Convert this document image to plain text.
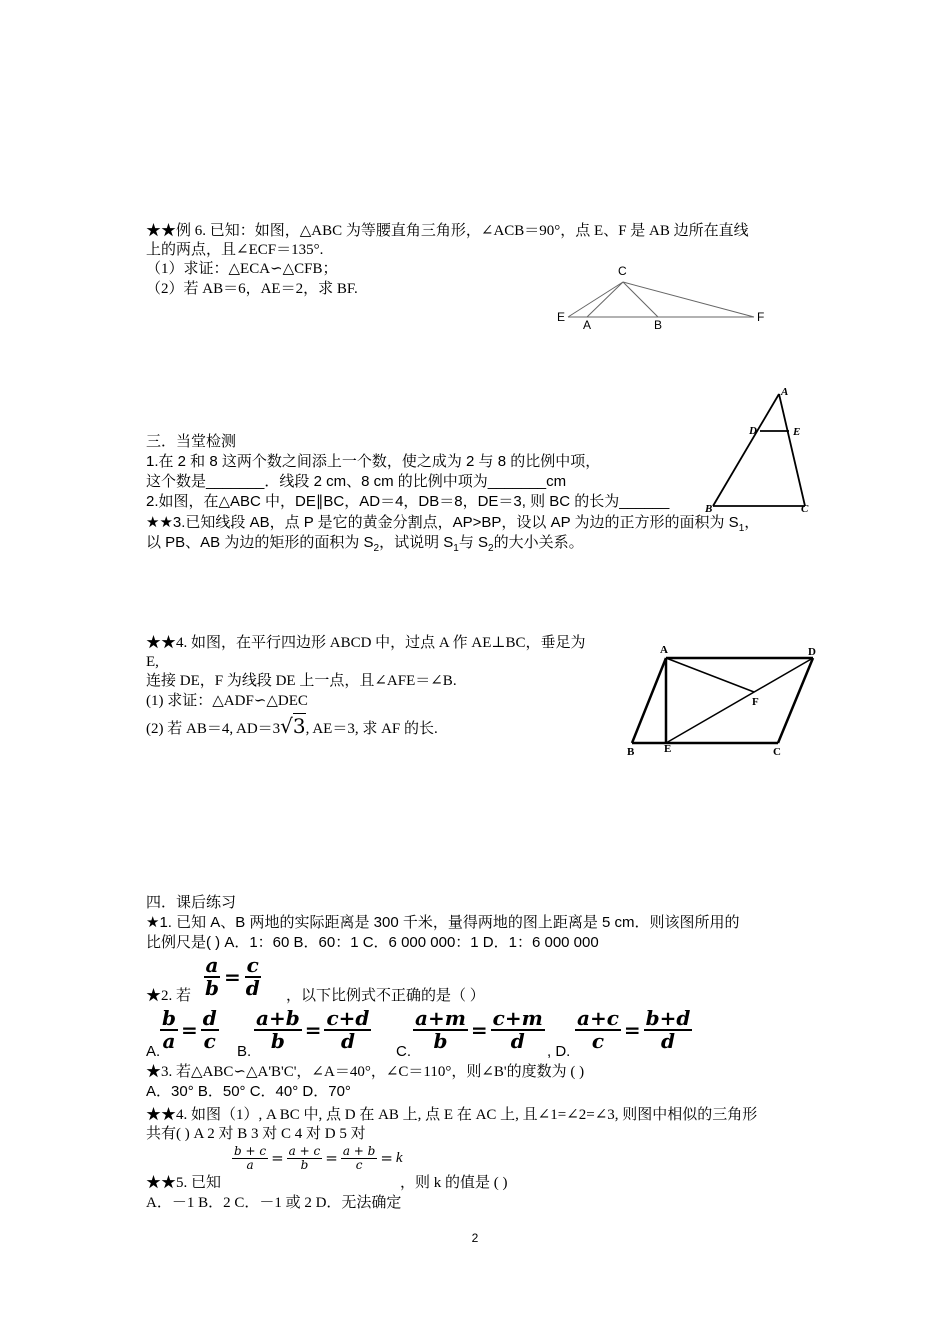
★★例 6. 已知：如图，△ABC 为等腰直角三角形，∠ACB＝90°，点 E、F 是 AB 边所在直线
上的两点，且∠ECF＝135°.
（1）求证：△ECA∽△CFB；
（2）若 AB＝6，AE＝2，求 BF.
C
E
A	B
F
三．当堂检测
1.在 2 和 8 这两个数之间添上一个数，使之成为 2 与 8 的比例中项，
这个数是_______．线段 2 cm、8 cm 的比例中项为_______cm
2.如图，在△ABC 中，DE∥BC，AD＝4，DB＝8，DE＝3, 则 BC 的长为______
★★3.已知线段 AB，点 P 是它的黄金分割点，AP>BP，设以 AP 为边的正方形的面积为 $S_1$，
以 PB、AB 为边的矩形的面积为 $S_2$，试说明 $S_1$与 $S_2$的大小关系。
A
D	E
B	C
★★4. 如图，在平行四边形 ABCD 中，过点 A 作 AE⊥BC，垂足为
E,
连接 DE，F 为线段 DE 上一点，且∠AFE＝∠B.
(1) 求证：△ADF∽△DEC
(2) 若 AB＝4, AD＝3√3, AE＝3, 求 AF 的长.
A	D
F
B	E	C
四．课后练习
★1. 已知 A、B 两地的实际距离是 300 千米，量得两地的图上距离是 5 cm．则该图所用的
比例尺是( ) A．1：60 B．60：1 C．6 000 000：1 D．1：6 000 000
★2. 若 $\frac{a}{b} = \frac{c}{d}$ ，以下比例式不正确的是（ ）
A. $\frac{b}{a} = \frac{d}{c} B$. $\frac{a+b}{b} = \frac{c+d}{d} C$. $\frac{a+m}{b} = \frac{c+m}{d}$ , D. $\frac{a+c}{c} = \frac{b+d}{d}$
★3. 若△ABC∽△A'B'C'，∠A＝40°，∠C＝110°，则∠B'的度数为 ( )
A．30° B．50° C．40° D．70°
★★4. 如图（1）, A BC 中, 点 D 在 AB 上, 点 E 在 AC 上, 且∠1=∠2=∠3, 则图中相似的三角形
共有( ) A 2 对 B 3 对 C 4 对 D 5 对
★★5. 已知
$\frac{b + c}{a} = \frac{a + c}{b} = \frac{a + b}{c} = k$
，则 k 的值是 ( )
A．－1 B．2 C．－1 或 2 D．无法确定
2
